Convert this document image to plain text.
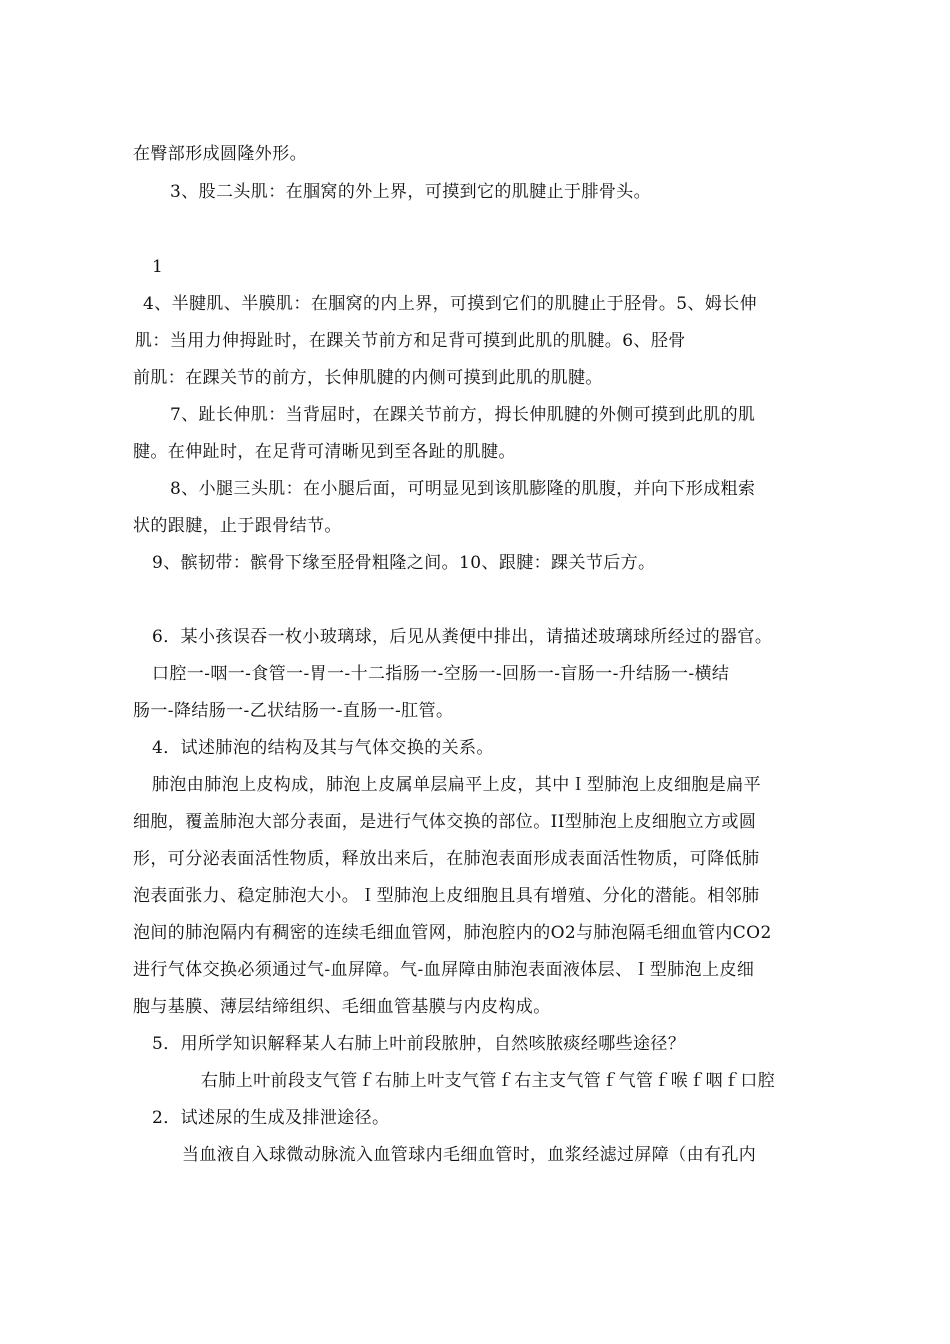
在臀部形成圆隆外形。

3、股二头肌：在腘窝的外上界，可摸到它的肌腱止于腓骨头。

1

4、半腱肌、半膜肌：在腘窝的内上界，可摸到它们的肌腱止于胫骨。5、姆长伸

肌：当用力伸拇趾时，在踝关节前方和足背可摸到此肌的肌腱。6、胫骨

前肌：在踝关节的前方，长伸肌腱的内侧可摸到此肌的肌腱。

7、趾长伸肌：当背屈时，在踝关节前方，拇长伸肌腱的外侧可摸到此肌的肌

腱。在伸趾时，在足背可清晰见到至各趾的肌腱。

8、小腿三头肌：在小腿后面，可明显见到该肌膨隆的肌腹，并向下形成粗索

状的跟腱，止于跟骨结节。

9、髌韧带：髌骨下缘至胫骨粗隆之间。10、跟腱：踝关节后方。

6．某小孩误吞一枚小玻璃球，后见从粪便中排出，请描述玻璃球所经过的器官。

口腔一-咽一-食管一-胃一-十二指肠一-空肠一-回肠一-盲肠一-升结肠一-横结

肠一-降结肠一-乙状结肠一-直肠一-肛管。

4．试述肺泡的结构及其与气体交换的关系。

肺泡由肺泡上皮构成，肺泡上皮属单层扁平上皮，其中Ｉ型肺泡上皮细胞是扁平

细胞，覆盖肺泡大部分表面，是进行气体交换的部位。II型肺泡上皮细胞立方或圆

形，可分泌表面活性物质，释放出来后，在肺泡表面形成表面活性物质，可降低肺

泡表面张力、稳定肺泡大小。Ｉ型肺泡上皮细胞且具有增殖、分化的潜能。相邻肺

泡间的肺泡隔内有稠密的连续毛细血管网，肺泡腔内的O2与肺泡隔毛细血管内CO2

进行气体交换必须通过气-血屏障。气-血屏障由肺泡表面液体层、Ｉ型肺泡上皮细

胞与基膜、薄层结缔组织、毛细血管基膜与内皮构成。

5．用所学知识解释某人右肺上叶前段脓肿，自然咳脓痰经哪些途径？

右肺上叶前段支气管ｆ右肺上叶支气管ｆ右主支气管ｆ气管ｆ喉ｆ咽ｆ口腔

2．试述尿的生成及排泄途径。

当血液自入球微动脉流入血管球内毛细血管时，血浆经滤过屏障（由有孔内
